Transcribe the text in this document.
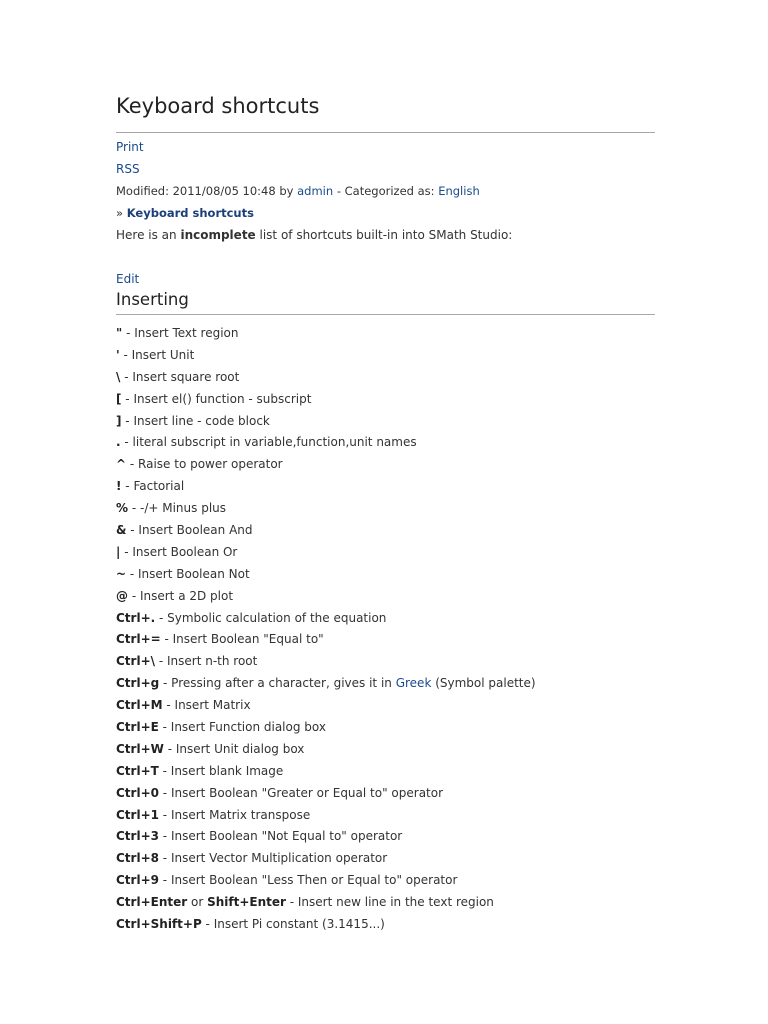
Keyboard shortcuts
Print
RSS
Modified: 2011/08/05 10:48 by admin - Categorized as: English
» Keyboard shortcuts
Here is an incomplete list of shortcuts built-in into SMath Studio:
Edit
Inserting
" - Insert Text region
' - Insert Unit
\ - Insert square root
[ - Insert el() function - subscript
] - Insert line - code block
. - literal subscript in variable,function,unit names
^ - Raise to power operator
! - Factorial
% - -/+ Minus plus
& - Insert Boolean And
| - Insert Boolean Or
~ - Insert Boolean Not
@ - Insert a 2D plot
Ctrl+. - Symbolic calculation of the equation
Ctrl+= - Insert Boolean "Equal to"
Ctrl+\ - Insert n-th root
Ctrl+g - Pressing after a character, gives it in Greek (Symbol palette)
Ctrl+M - Insert Matrix
Ctrl+E - Insert Function dialog box
Ctrl+W - Insert Unit dialog box
Ctrl+T - Insert blank Image
Ctrl+0 - Insert Boolean "Greater or Equal to" operator
Ctrl+1 - Insert Matrix transpose
Ctrl+3 - Insert Boolean "Not Equal to" operator
Ctrl+8 - Insert Vector Multiplication operator
Ctrl+9 - Insert Boolean "Less Then or Equal to" operator
Ctrl+Enter or Shift+Enter - Insert new line in the text region
Ctrl+Shift+P - Insert Pi constant (3.1415...)
